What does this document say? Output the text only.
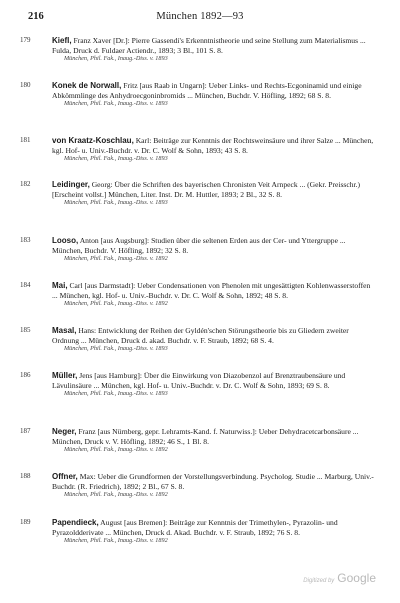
216	München 1892—93
179	Kiefl, Franz Xaver [Dr.]: Pierre Gassendi's Erkenntnistheorie und seine Stellung zum Materialismus ... Fulda, Druck d. Fuldaer Actiendr., 1893; 3 Bl., 101 S. 8.
München, Phil. Fak., Inaug.-Diss. v. 1893
180	Konek de Norwall, Fritz [aus Raab in Ungarn]: Ueber Links- und Rechts-Ecgoninamid und einige Abkömmlinge des Anhydroecgoninbromids ... München, Buchdr. V. Höfling, 1892; 68 S. 8.
München, Phil. Fak., Inaug.-Diss. v. 1893
181	von Kraatz-Koschlau, Karl: Beiträge zur Kenntnis der Rochtsweinsäure und ihrer Salze ... München, kgl. Hof- u. Univ.-Buchdr. v. Dr. C. Wolf & Sohn, 1893; 43 S. 8.
München, Phil. Fak., Inaug.-Diss. v. 1893
182	Leidinger, Georg: Über die Schriften des bayerischen Chronisten Veit Arnpeck ... (Gekr. Preisschr.) [Erscheint vollst.] München, Liter. Inst. Dr. M. Huttler, 1893; 2 Bl., 32 S. 8.
München, Phil. Fak., Inaug.-Diss. v. 1893
183	Looso, Anton [aus Augsburg]: Studien über die seltenen Erden aus der Cer- und Yttergruppe ... München, Buchdr. V. Höfling, 1892; 32 S. 8.
München, Phil. Fak., Inaug.-Diss. v. 1892
184	Mai, Carl [aus Darmstadt]: Ueber Condensationen von Phenolen mit ungesättigten Kohlenwasserstoffen ... München, kgl. Hof- u. Univ.-Buchdr. v. Dr. C. Wolf & Sohn, 1892; 48 S. 8.
München, Phil. Fak., Inaug.-Diss. v. 1892
185	Masal, Hans: Entwicklung der Reihen der Gyldén'schen Störungstheorie bis zu Gliedern zweiter Ordnung ... München, Druck d. akad. Buchdr. v. F. Straub, 1892; 68 S. 4.
München, Phil. Fak., Inaug.-Diss. v. 1893
186	Müller, Jens [aus Hamburg]: Über die Einwirkung von Diazobenzol auf Brenztraubensäure und Lävulinsäure ... München, kgl. Hof- u. Univ.-Buchdr. v. Dr. C. Wolf & Sohn, 1893; 69 S. 8.
München, Phil. Fak., Inaug.-Diss. v. 1893
187	Neger, Franz [aus Nürnberg, gepr. Lehramts-Kand. f. Naturwiss.]: Ueber Dehydracetcarbonsäure ... München, Druck v. V. Höfling, 1892; 46 S., 1 Bl. 8.
München, Phil. Fak., Inaug.-Diss. v. 1892
188	Offner, Max: Ueber die Grundformen der Vorstellungsverbindung. Psycholog. Studie ... Marburg, Univ.-Buchdr. (R. Friedrich), 1892; 2 Bl., 67 S. 8.
München, Phil. Fak., Inaug.-Diss. v. 1892
189	Papendieck, August [aus Bremen]: Beiträge zur Kenntnis der Trimethylen-, Pyrazolin- und Pyrazoldderivate ... München, Druck d. Akad. Buchdr. v. F. Straub, 1892; 76 S. 8.
München, Phil. Fak., Inaug.-Diss. v. 1892
Digitized by Google
